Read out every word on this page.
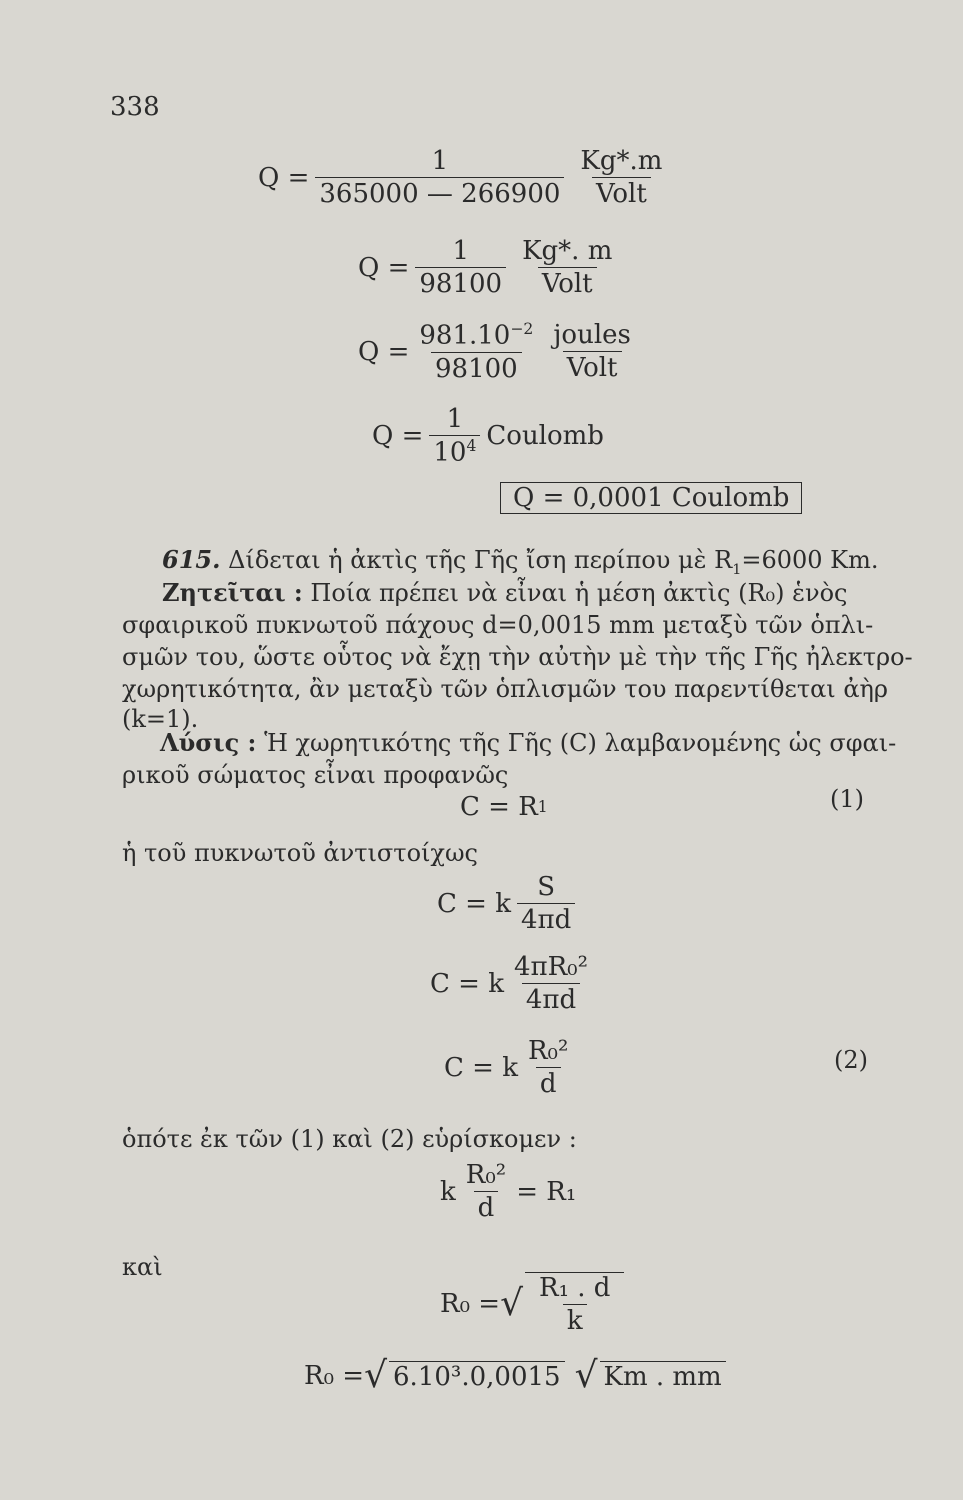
338
$Q = \frac{1}{365000 — 266900} \frac{Kg*.m}{\text{Volt}}$
$Q = \frac{1}{98100} \frac{Kg*. m}{\text{Volt}}$
$Q = \frac{981.10^{-2}}{98100} \frac{\text{joules}}{\text{Volt}}$
$Q = \frac{1}{10^4}$ Coulomb
Q = 0,0001 Coulomb
615. Δίδεται ἡ ἀκτὶς τῆς Γῆς ἴση περίπου μὲ $R_1=6000$ Km.
Ζητεῖται : Ποία πρέπει νὰ εἶναι ἡ μέση ἀκτὶς (R₀) ἑνὸς
σφαιρικοῦ πυκνωτοῦ πάχους d=0,0015 mm μεταξὺ τῶν ὁπλι-
σμῶν του, ὥστε οὗτος νὰ ἔχῃ τὴν αὐτὴν μὲ τὴν τῆς Γῆς ἠλεκτρο-
χωρητικότητα, ἂν μεταξὺ τῶν ὁπλισμῶν του παρεντίθεται ἀὴρ
(k=1).
Λύσις : Ἡ χωρητικότης τῆς Γῆς (C) λαμβανομένης ὡς σφαι-
ρικοῦ σώματος εἶναι προφανῶς
C = R 1	(1)
ἡ τοῦ πυκνωτοῦ ἀντιστοίχως
C = k $\frac{S}{4\pi d}$
C = k $\frac{\text{4πR₀²}}{4\pi d}$
C = k $\frac{\text{R₀²}}{d}$	(2)
ὁπότε ἐκ τῶν (1) καὶ (2) εὑρίσκομεν :
k $\frac{\text{R₀²}}{d} = R_1$
καὶ
R₀ = √ $\frac{\text{R₁ . d}}{k}$
R₀ = √ 6.10³.0,0015 √ Km . mm
